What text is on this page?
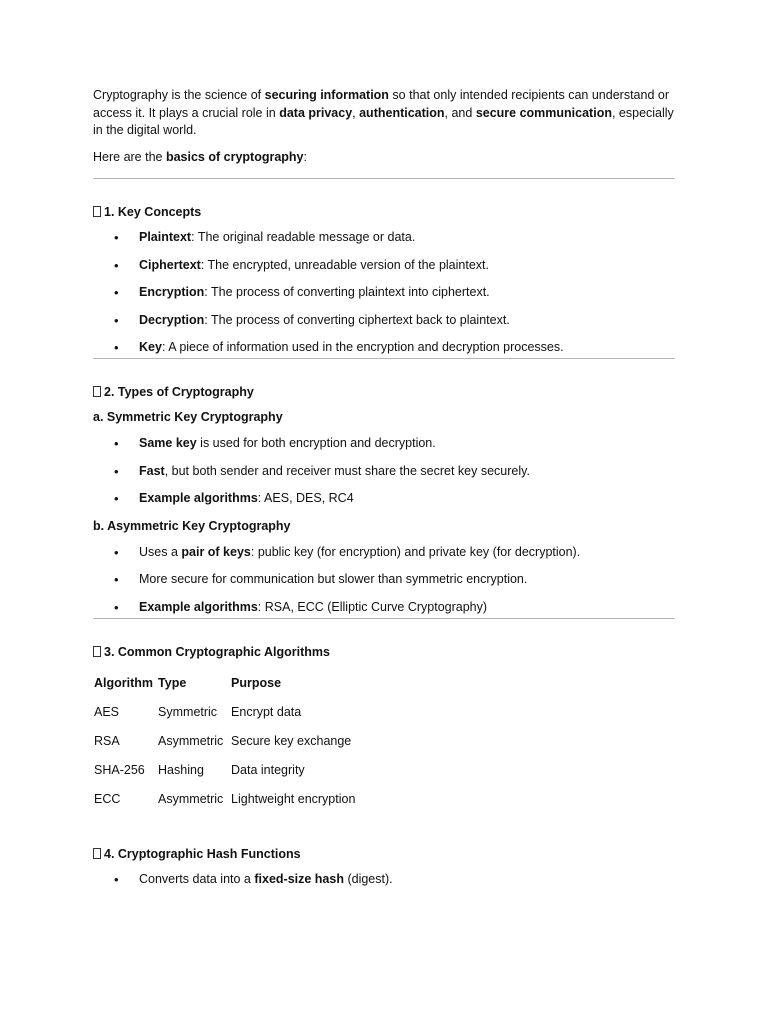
Cryptography is the science of securing information so that only intended recipients can understand or access it. It plays a crucial role in data privacy, authentication, and secure communication, especially in the digital world.

Here are the basics of cryptography:

1. Key Concepts

• Plaintext: The original readable message or data.
• Ciphertext: The encrypted, unreadable version of the plaintext.
• Encryption: The process of converting plaintext into ciphertext.
• Decryption: The process of converting ciphertext back to plaintext.
• Key: A piece of information used in the encryption and decryption processes.

2. Types of Cryptography

a. Symmetric Key Cryptography

• Same key is used for both encryption and decryption.
• Fast, but both sender and receiver must share the secret key securely.
• Example algorithms: AES, DES, RC4

b. Asymmetric Key Cryptography

• Uses a pair of keys: public key (for encryption) and private key (for decryption).
• More secure for communication but slower than symmetric encryption.
• Example algorithms: RSA, ECC (Elliptic Curve Cryptography)

3. Common Cryptographic Algorithms

Algorithm	Type	Purpose
AES	Symmetric	Encrypt data
RSA	Asymmetric	Secure key exchange
SHA-256	Hashing	Data integrity
ECC	Asymmetric	Lightweight encryption

4. Cryptographic Hash Functions

• Converts data into a fixed-size hash (digest).
